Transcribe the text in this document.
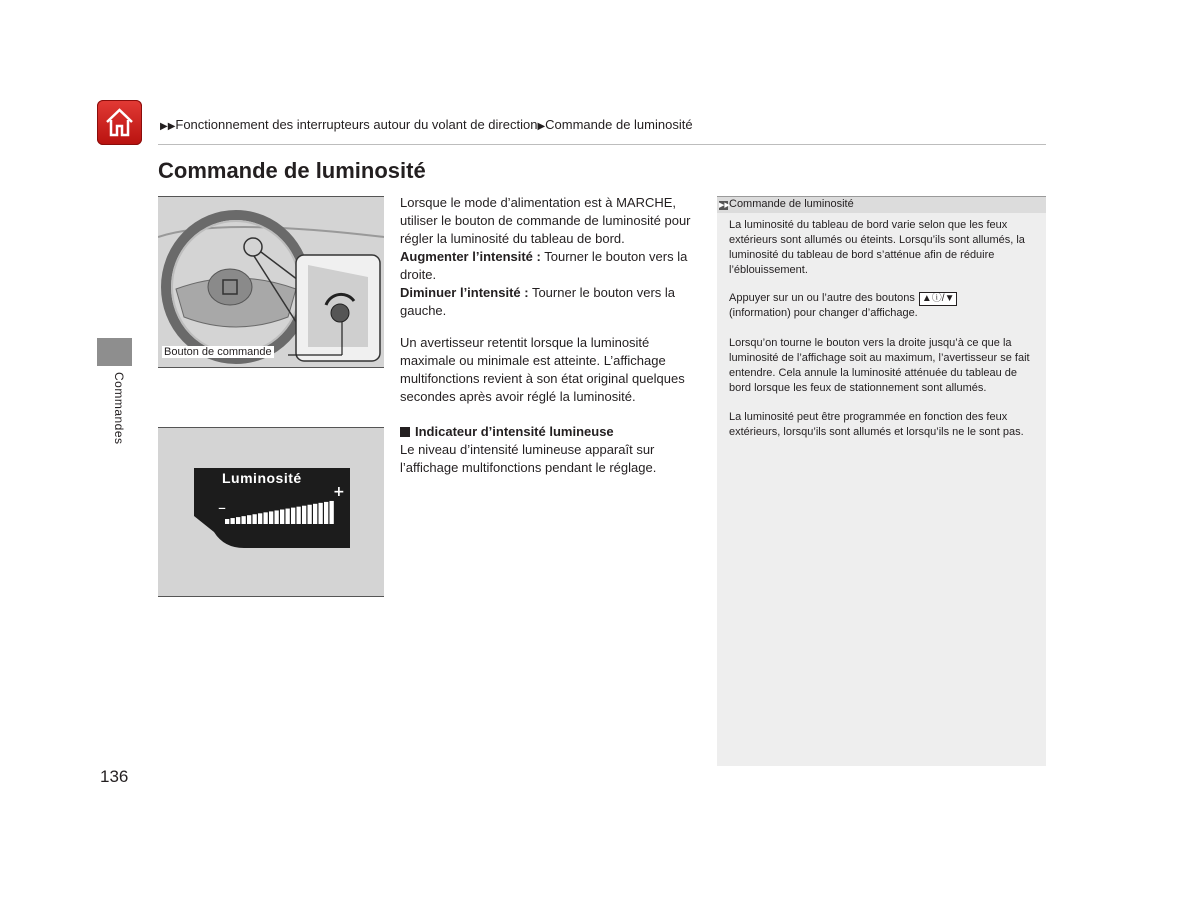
▶▶Fonctionnement des interrupteurs autour du volant de direction▶Commande de luminosité
Commande de luminosité
Commandes
Bouton de commande
–
+
Luminosité

Lorsque le mode d’alimentation est à MARCHE, utiliser le bouton de commande de luminosité pour régler la luminosité du tableau de bord.

Augmenter l’intensité : Tourner le bouton vers la droite.

Diminuer l’intensité : Tourner le bouton vers la gauche.

Un avertisseur retentit lorsque la luminosité maximale ou minimale est atteinte. L’affichage multifonctions revient à son état original quelques secondes après avoir réglé la luminosité.

Indicateur d’intensité lumineuse

Le niveau d’intensité lumineuse apparaît sur l’affichage multifonctions pendant le réglage.

▶▶Commande de luminosité

La luminosité du tableau de bord varie selon que les feux extérieurs sont allumés ou éteints. Lorsqu’ils sont allumés, la luminosité du tableau de bord s’atténue afin de réduire l’éblouissement.

Appuyer sur un ou l’autre des boutons ▲ⓘ/▼
(information) pour changer d’affichage.

Lorsqu’on tourne le bouton vers la droite jusqu’à ce que la luminosité de l’affichage soit au maximum, l’avertisseur se fait entendre. Cela annule la luminosité atténuée du tableau de bord lorsque les feux de stationnement sont allumés.

La luminosité peut être programmée en fonction des feux extérieurs, lorsqu’ils sont allumés et lorsqu’ils ne le sont pas.

136
